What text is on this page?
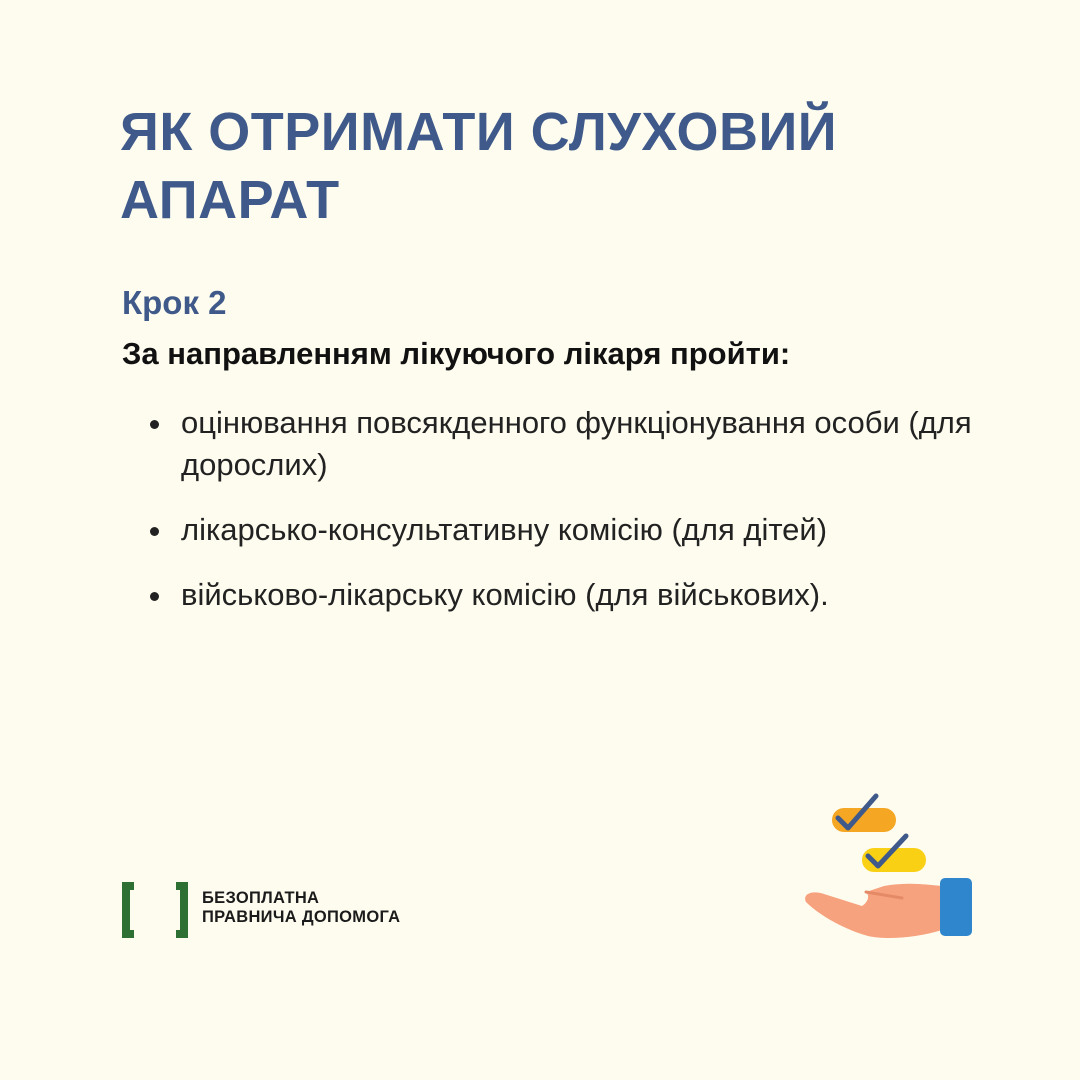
ЯК ОТРИМАТИ СЛУХОВИЙ АПАРАТ

Крок 2

За направленням лікуючого лікаря пройти:

оцінювання повсякденного функціонування особи (для дорослих)
лікарсько-консультативну комісію (для дітей)
військово-лікарську комісію (для військових).
БЕЗОПЛАТНА
ПРАВНИЧА ДОПОМОГА
